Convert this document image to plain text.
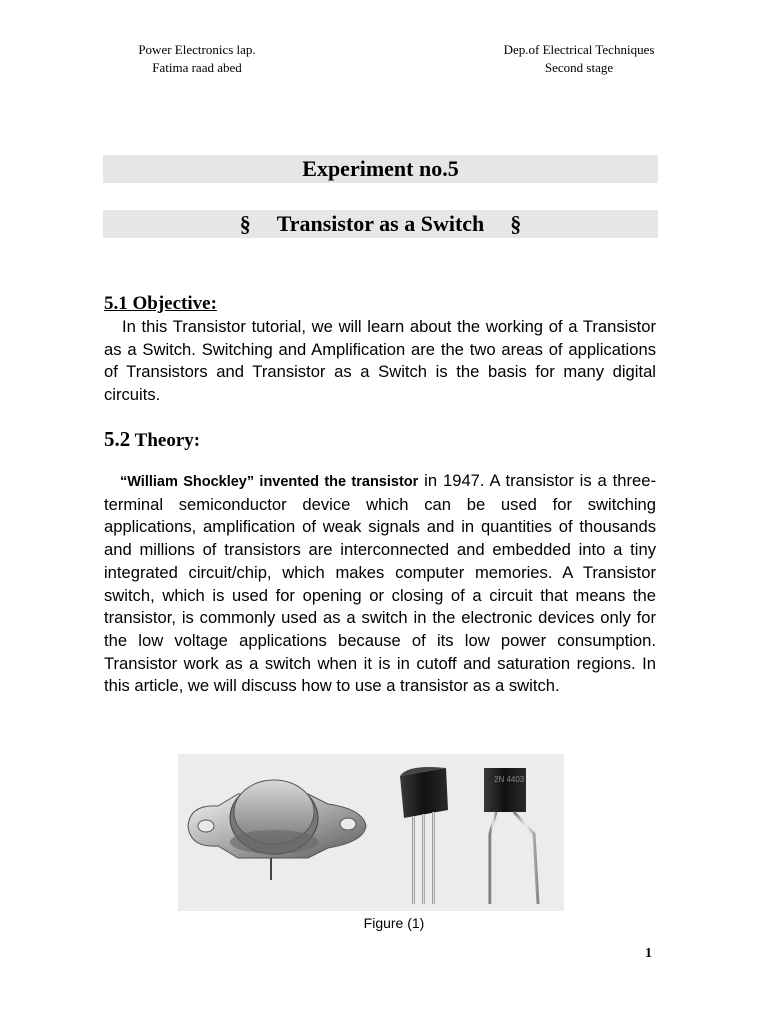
Power Electronics lap.
Fatima raad abed
Dep.of Electrical Techniques
Second stage
Experiment no.5
§ Transistor as a Switch §
5.1 Objective:
In this Transistor tutorial, we will learn about the working of a Transistor as a Switch. Switching and Amplification are the two areas of applications of Transistors and Transistor as a Switch is the basis for many digital circuits.
5.2 Theory:
“William Shockley” invented the transistor in 1947. A transistor is a three-terminal semiconductor device which can be used for switching applications, amplification of weak signals and in quantities of thousands and millions of transistors are interconnected and embedded into a tiny integrated circuit/chip, which makes computer memories. A Transistor switch, which is used for opening or closing of a circuit that means the transistor, is commonly used as a switch in the electronic devices only for the low voltage applications because of its low power consumption. Transistor work as a switch when it is in cutoff and saturation regions. In this article, we will discuss how to use a transistor as a switch.
2N 4403
Figure (1)
1
